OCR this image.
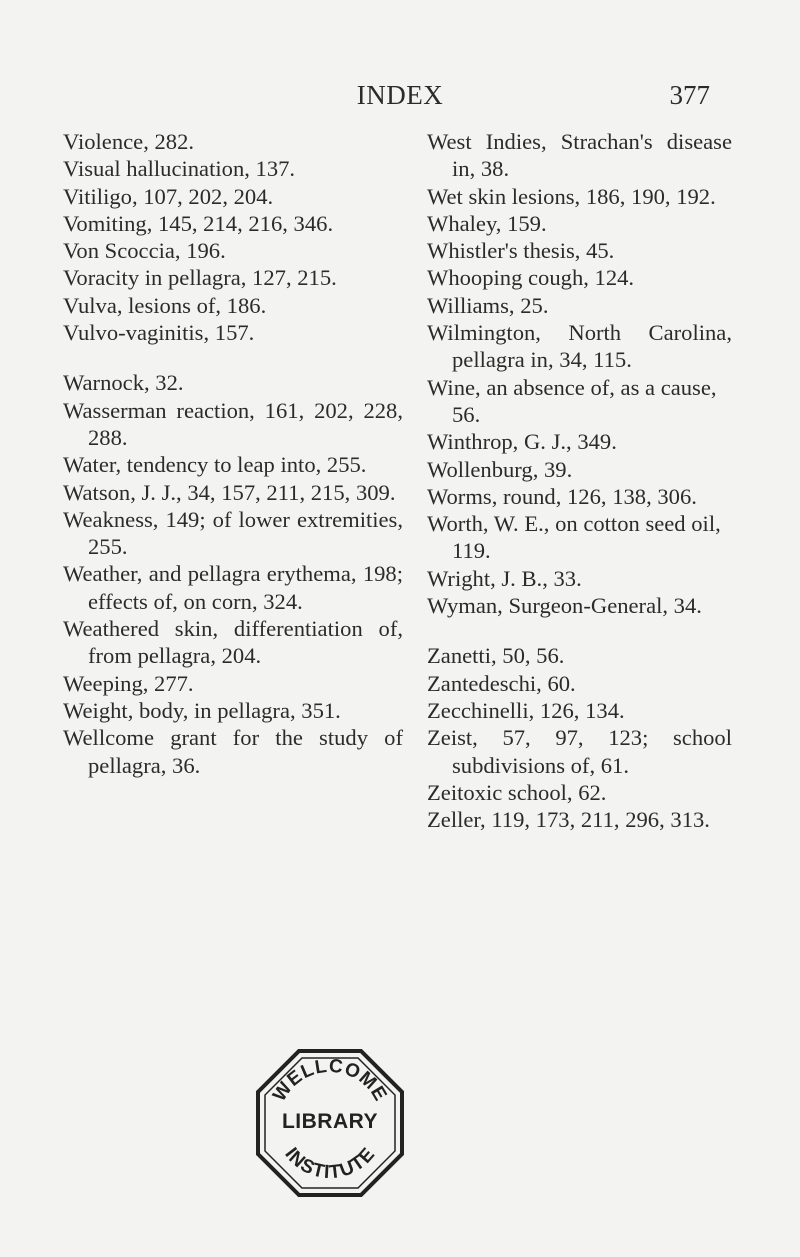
INDEX	377

Violence, 282.

Visual hallucination, 137.

Vitiligo, 107, 202, 204.

Vomiting, 145, 214, 216, 346.

Von Scoccia, 196.

Voracity in pellagra, 127, 215.

Vulva, lesions of, 186.

Vulvo-vaginitis, 157.

Warnock, 32.

Wasserman reaction, 161, 202, 228, 288.

Water, tendency to leap into, 255.

Watson, J. J., 34, 157, 211, 215, 309.

Weakness, 149; of lower extremities, 255.

Weather, and pellagra erythema, 198; effects of, on corn, 324.

Weathered skin, differentiation of, from pellagra, 204.

Weeping, 277.

Weight, body, in pellagra, 351.

Wellcome grant for the study of pellagra, 36.

West Indies, Strachan's disease in, 38.

Wet skin lesions, 186, 190, 192.

Whaley, 159.

Whistler's thesis, 45.

Whooping cough, 124.

Williams, 25.

Wilmington, North Carolina, pellagra in, 34, 115.

Wine, an absence of, as a cause, 56.

Winthrop, G. J., 349.

Wollenburg, 39.

Worms, round, 126, 138, 306.

Worth, W. E., on cotton seed oil, 119.

Wright, J. B., 33.

Wyman, Surgeon-General, 34.

Zanetti, 50, 56.

Zantedeschi, 60.

Zecchinelli, 126, 134.

Zeist, 57, 97, 123; school subdivisions of, 61.

Zeitoxic school, 62.

Zeller, 119, 173, 211, 296, 313.

WELLCOME
INSTITUTE
LIBRARY
